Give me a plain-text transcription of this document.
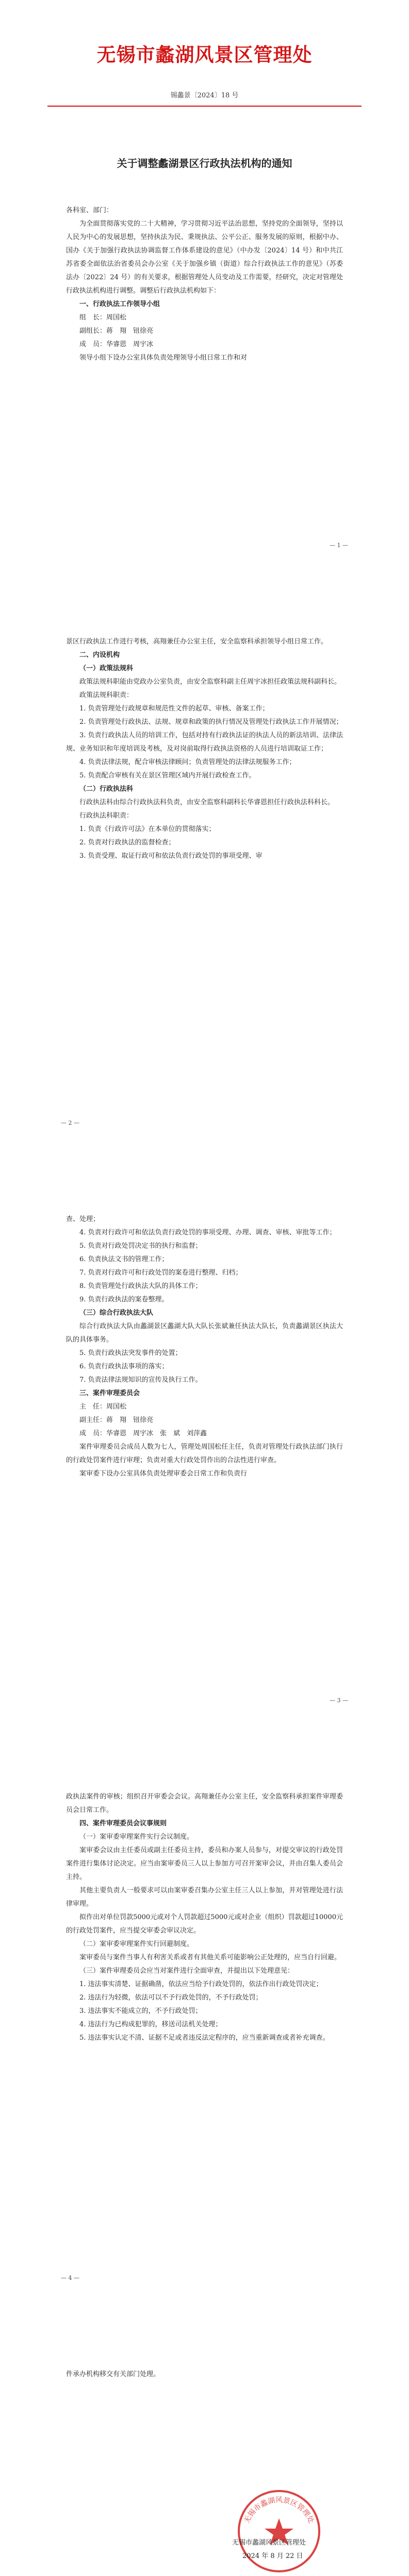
无锡市蠡湖风景区管理处
锡蠡景〔2024〕18 号
关于调整蠡湖景区行政执法机构的通知

各科室、部门：

为全面贯彻落实党的二十大精神，学习贯彻习近平法治思想，坚持党的全面领导，坚持以人民为中心的发展思想，坚持执法为民、秉规执法、公平公正、服务发展的原则，根据中办、国办《关于加强行政执法协调监督工作体系建设的意见》（中办发〔2024〕14 号）和中共江苏省委全面依法治省委员会办公室《关于加强乡镇（街道）综合行政执法工作的意见》（苏委法办〔2022〕24 号）的有关要求，根据管理处人员变动及工作需要，经研究，决定对管理处行政执法机构进行调整。调整后行政执法机构如下：

一、行政执法工作领导小组

组　长：周国松

副组长：蒋　翔　钮徐亮

成　员：华睿恩　周宇冰

领导小组下设办公室具体负责处理领导小组日常工作和对

— 1 —

景区行政执法工作进行考核，高翔兼任办公室主任，安全监察科承担领导小组日常工作。

二、内设机构

（一）政策法规科

政策法规科职能由党政办公室负责，由安全监察科副主任周宇冰担任政策法规科副科长。

政策法规科职责：

1. 负责管理处行政规章和规范性文件的起草、审核、备案工作；

2. 负责管理处行政执法、法规、规章和政策的执行情况及管理处行政执法工作开展情况；

3. 负责行政执法人员的培训工作，包括对持有行政执法证的执法人员的新法培训、法律法规、业务知识和年度培训及考核，及对岗前取得行政执法资格的人员进行培训取证工作；

4. 负责法律法规，配合审核法律顾问；负责管理处的法律法规服务工作；

5. 负责配合审核有关在景区管理区域内开展行政检查工作。

（二）行政执法科

行政执法科由综合行政执法科负责，由安全监察科副科长华睿恩担任行政执法科科长。

行政执法科职责：

1. 负责《行政许可法》在本单位的贯彻落实；

2. 负责对行政执法的监督检查；

3. 负责受理、取证行政可和依法负责行政处罚的事项受理、审

— 2 —

查、处理；

4. 负责对行政许可和依法负责行政处罚的事项受理、办理、调查、审核、审批等工作；

5. 负责对行政处罚决定书的执行和监督；

6. 负责执法文书的管理工作；

7. 负责对行政许可和行政处罚的案卷进行整理、归档；

8. 负责管理处行政执法大队的具体工作；

9. 负责行政执法的案卷整理。

（三）综合行政执法大队

综合行政执法大队由蠡湖景区蠡湖大队大队长张斌兼任执法大队长，负责蠡湖景区执法大队的具体事务。

5. 负责行政执法突发事件的处置；

6. 负责行政执法事项的落实；

7. 负责法律法规知识的宣传及执行工作。

三、案件审理委员会

主　任：周国松

副主任：蒋　翔　钮徐亮

成　员：华睿恩　周宇冰　张　斌　刘萍鑫

案件审理委员会成员人数为七人，管理处周国松任主任，负责对管理处行政执法部门执行的行政处罚案件进行审理；负责对重大行政处罚作出的合法性进行审查。

案审委下设办公室具体负责处理审委会日常工作和负责行

— 3 —

政执法案件的审核；组织召开审委会会议。高翔兼任办公室主任，安全监察科承担案件审理委员会日常工作。

四、案件审理委员会议事规则

（一）案审委审理案件实行会议制度。

案审委会议由主任委员或副主任委员主持，委员和办案人员参与，对提交审议的行政处罚案件进行集体讨论决定。应当由案审委员三人以上参加方可召开案审会议，并由召集人委员会主持。

其他主要负责人一般要求可以由案审委召集办公室主任三人以上参加，并对管理处进行法律审理。

拟作出对单位罚款5000元或对个人罚款超过5000元或对企业（组织）罚款超过10000元的行政处罚案件，应当提交审委会审议决定。

（二）案审委审理案件实行回避制度。

案审委员与案件当事人有利害关系或者有其他关系可能影响公正处理的，应当自行回避。

（三）案件审理委员会应当对案件进行全面审查，并提出以下处理意见：

1. 违法事实清楚、证据确凿，依法应当给予行政处罚的，依法作出行政处罚决定；

2. 违法行为轻微，依法可以不予行政处罚的，不予行政处罚；

3. 违法事实不能成立的，不予行政处罚；

4. 违法行为已构成犯罪的，移送司法机关处理；

5. 违法事实认定不清、证据不足或者违反法定程序的，应当重新调查或者补充调查。

— 4 —

件承办机构移交有关部门处理。

无锡市蠡湖风景区管理处
无锡市蠡湖风景区管理处
2024 年 8 月 22 日
